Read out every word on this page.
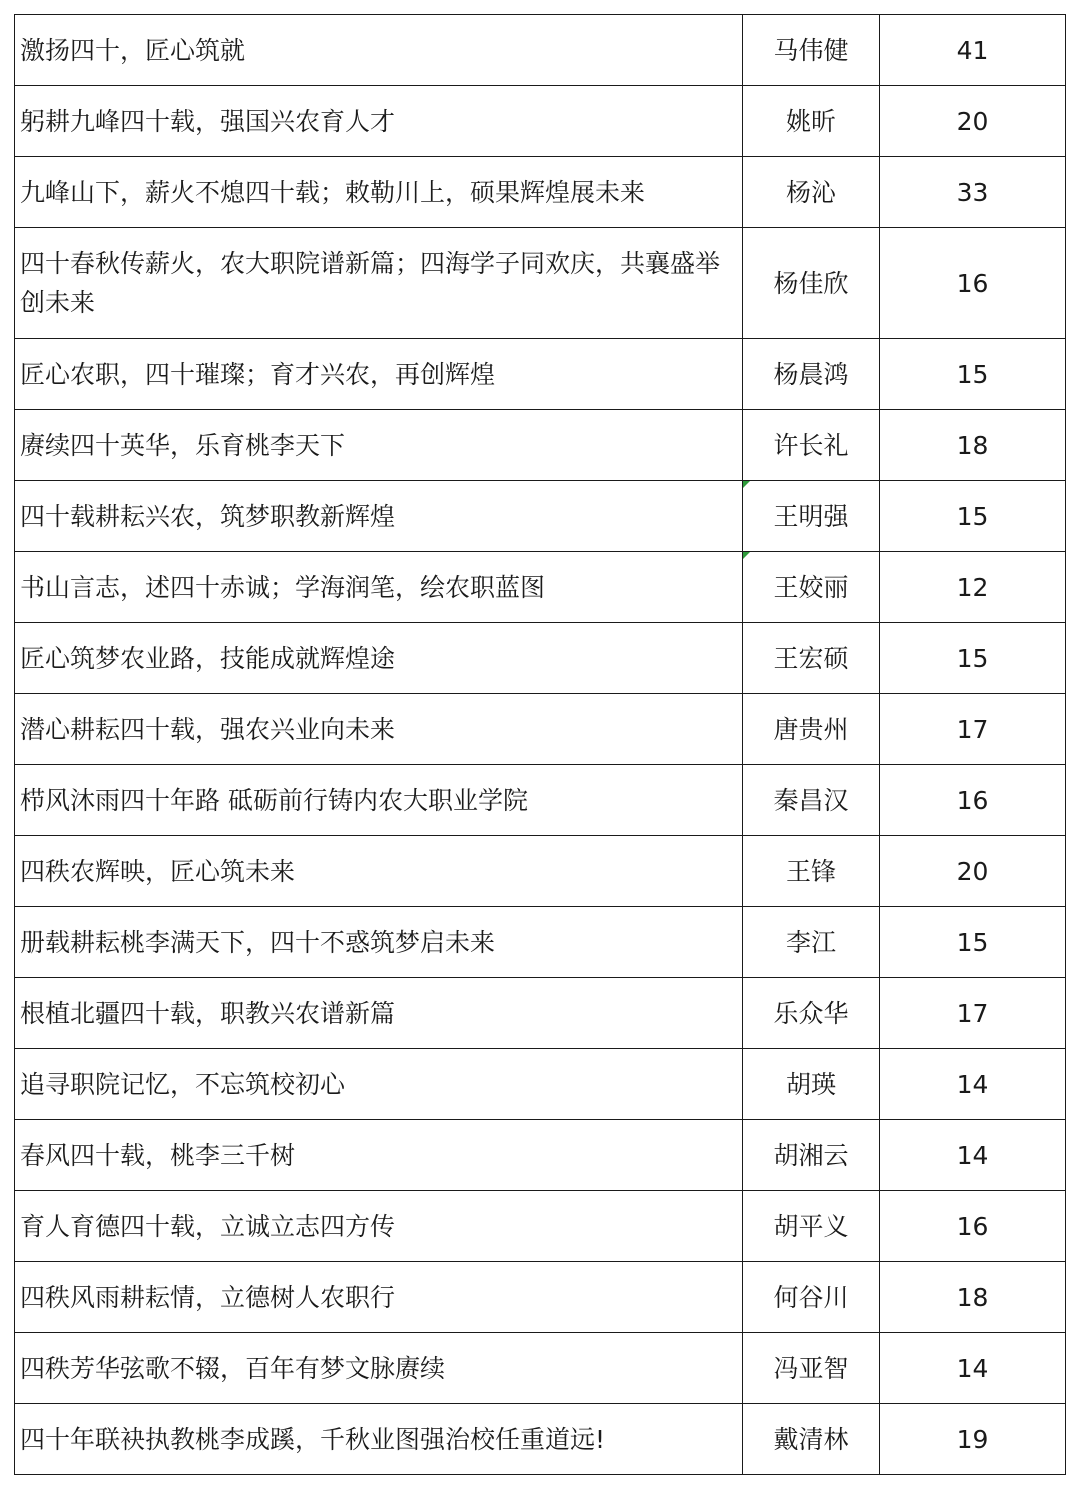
激扬四十，匠心筑就	马伟健	41
躬耕九峰四十载，强国兴农育人才	姚昕	20
九峰山下，薪火不熄四十载；敕勒川上，硕果辉煌展未来	杨沁	33
四十春秋传薪火，农大职院谱新篇；四海学子同欢庆，共襄盛举创未来	杨佳欣	16
匠心农职，四十璀璨；育才兴农，再创辉煌	杨晨鸿	15
赓续四十英华，乐育桃李天下	许长礼	18
四十载耕耘兴农，筑梦职教新辉煌	王明强	15
书山言志，述四十赤诚；学海润笔，绘农职蓝图	王姣丽	12
匠心筑梦农业路，技能成就辉煌途	王宏硕	15
潜心耕耘四十载，强农兴业向未来	唐贵州	17
栉风沐雨四十年路 砥砺前行铸内农大职业学院	秦昌汉	16
四秩农辉映，匠心筑未来	王锋	20
册载耕耘桃李满天下，四十不惑筑梦启未来	李江	15
根植北疆四十载，职教兴农谱新篇	乐众华	17
追寻职院记忆，不忘筑校初心	胡瑛	14
春风四十载，桃李三千树	胡湘云	14
育人育德四十载，立诚立志四方传	胡平义	16
四秩风雨耕耘情，立德树人农职行	何谷川	18
四秩芳华弦歌不辍，百年有梦文脉赓续	冯亚智	14
四十年联袂执教桃李成蹊，千秋业图强治校任重道远!	戴清林	19
